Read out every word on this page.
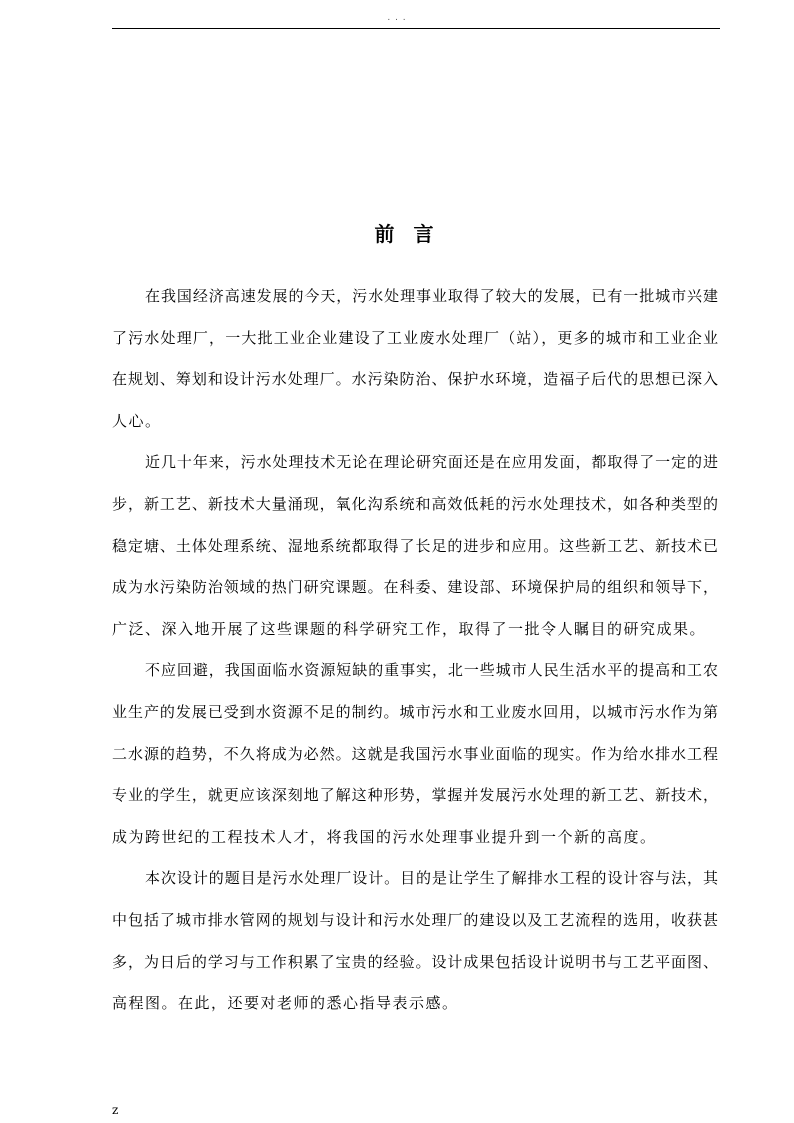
. . .
前 言
在我国经济高速发展的今天，污水处理事业取得了较大的发展，已有一批城市兴建
了污水处理厂，一大批工业企业建设了工业废水处理厂（站），更多的城市和工业企业
在规划、筹划和设计污水处理厂。水污染防治、保护水环境，造福子后代的思想已深入
人心。
近几十年来，污水处理技术无论在理论研究面还是在应用发面，都取得了一定的进
步，新工艺、新技术大量涌现，氧化沟系统和高效低耗的污水处理技术，如各种类型的
稳定塘、土体处理系统、湿地系统都取得了长足的进步和应用。这些新工艺、新技术已
成为水污染防治领域的热门研究课题。在科委、建设部、环境保护局的组织和领导下，
广泛、深入地开展了这些课题的科学研究工作，取得了一批令人瞩目的研究成果。
不应回避，我国面临水资源短缺的重事实，北一些城市人民生活水平的提高和工农
业生产的发展已受到水资源不足的制约。城市污水和工业废水回用，以城市污水作为第
二水源的趋势，不久将成为必然。这就是我国污水事业面临的现实。作为给水排水工程
专业的学生，就更应该深刻地了解这种形势，掌握并发展污水处理的新工艺、新技术，
成为跨世纪的工程技术人才，将我国的污水处理事业提升到一个新的高度。
本次设计的题目是污水处理厂设计。目的是让学生了解排水工程的设计容与法，其
中包括了城市排水管网的规划与设计和污水处理厂的建设以及工艺流程的选用，收获甚
多，为日后的学习与工作积累了宝贵的经验。设计成果包括设计说明书与工艺平面图、
高程图。在此，还要对老师的悉心指导表示感。
z
